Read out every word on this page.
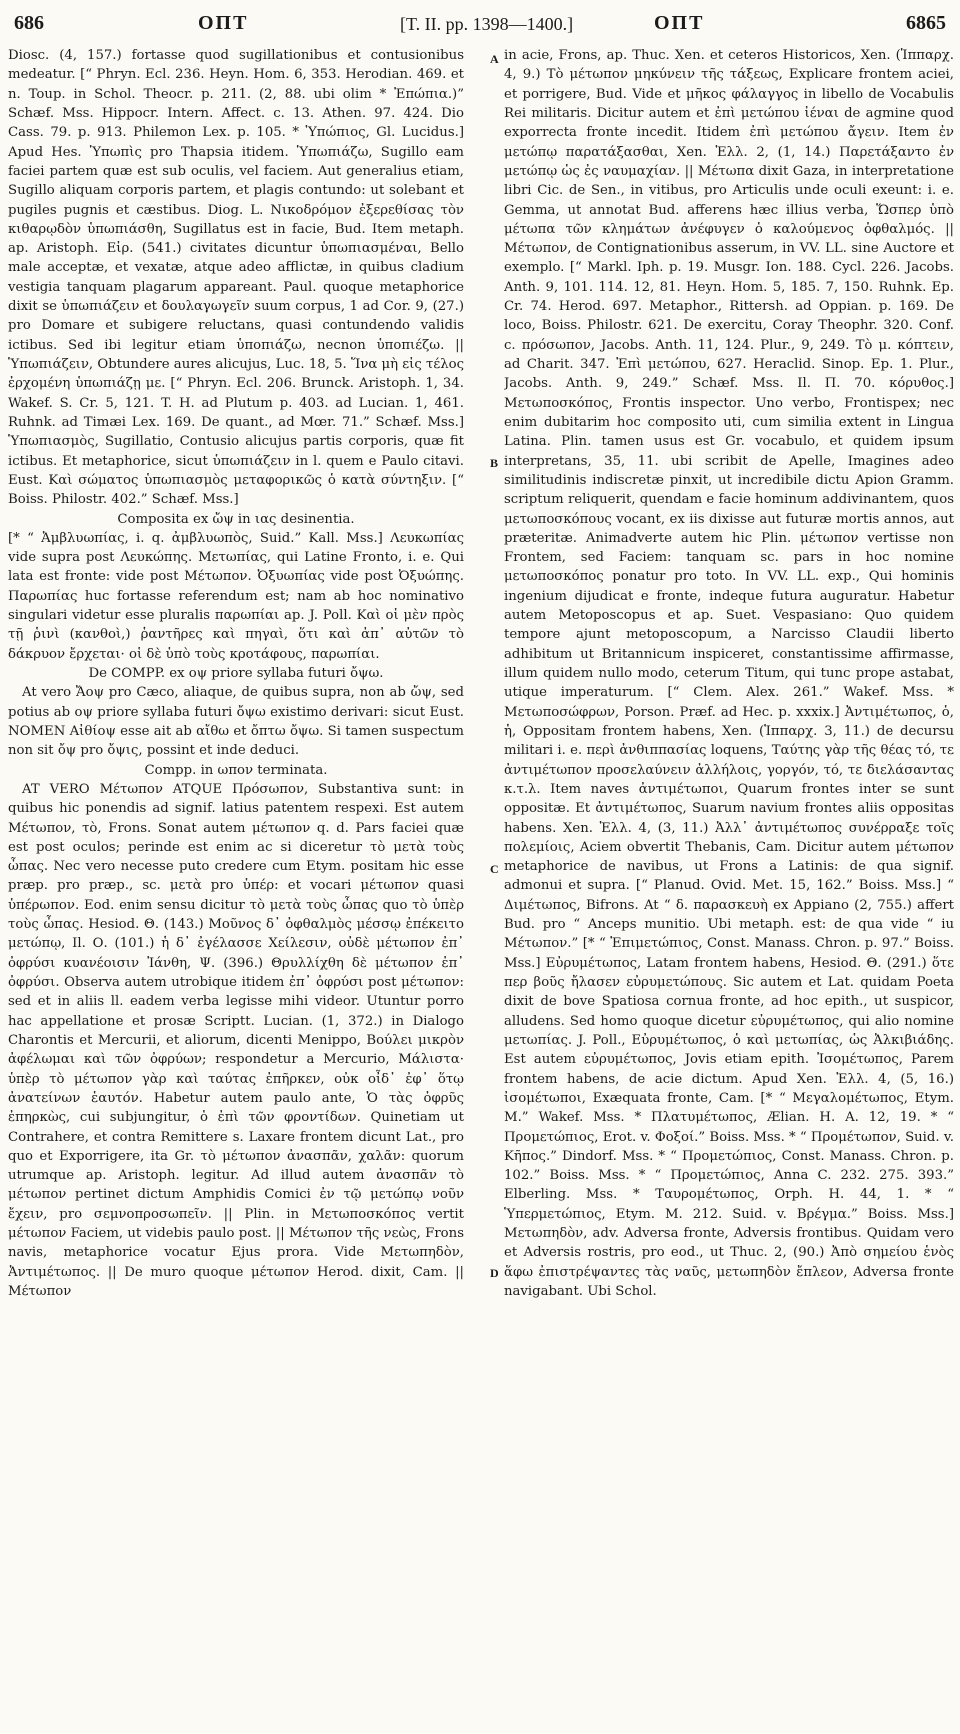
686	ΟΠΤ	[T. II. pp. 1398—1400.]	ΟΠΤ	6865
A
B
C
D

Diosc. (4, 157.) fortasse quod sugillationibus et contusionibus medeatur. [“ Phryn. Ecl. 236. Heyn. Hom. 6, 353. Herodian. 469. et n. Toup. in Schol. Theocr. p. 211. (2, 88. ubi olim * Ἐπώπια.)” Schæf. Mss. Hippocr. Intern. Affect. c. 13. Athen. 97. 424. Dio Cass. 79. p. 913. Philemon Lex. p. 105. * Ὑπώπιος, Gl. Lucidus.] Apud Hes. Ὑπωπὶς pro Thapsia itidem. Ὑπωπιάζω, Sugillo eam faciei partem quæ est sub oculis, vel faciem. Aut generalius etiam, Sugillo aliquam corporis partem, et plagis contundo: ut solebant et pugiles pugnis et cæstibus. Diog. L. Νικοδρόμον ἐξερεθίσας τὸν κιθαρῳδὸν ὑπωπιάσθη, Sugillatus est in facie, Bud. Item metaph. ap. Aristoph. Εἰρ. (541.) civitates dicuntur ὑπωπιασμέναι, Bello male acceptæ, et vexatæ, atque adeo afflictæ, in quibus cladium vestigia tanquam plagarum appareant. Paul. quoque metaphorice dixit se ὑπωπιάζειν et δουλαγωγεῖν suum corpus, 1 ad Cor. 9, (27.) pro Domare et subigere reluctans, quasi contundendo validis ictibus. Sed ibi legitur etiam ὑποπιάζω, necnon ὑποπιέζω. || Ὑπωπιάζειν, Obtundere aures alicujus, Luc. 18, 5. Ἵνα μὴ εἰς τέλος ἐρχομένη ὑπωπιάζῃ με. [“ Phryn. Ecl. 206. Brunck. Aristoph. 1, 34. Wakef. S. Cr. 5, 121. T. H. ad Plutum p. 403. ad Lucian. 1, 461. Ruhnk. ad Timæi Lex. 169. De quant., ad Mœr. 71.” Schæf. Mss.] Ὑπωπιασμὸς, Sugillatio, Contusio alicujus partis corporis, quæ fit ictibus. Et metaphorice, sicut ὑπωπιάζειν in l. quem e Paulo citavi. Eust. Καὶ σώματος ὑπωπιασμὸς μεταφορικῶς ὁ κατὰ σύντηξιν. [“ Boiss. Philostr. 402.” Schæf. Mss.]

Composita ex ὤψ in ιας desinentia.

[* “ Ἀμβλυωπίας, i. q. ἀμβλυωπὸς, Suid.” Kall. Mss.] Λευκωπίας vide supra post Λευκώπης. Μετωπίας, qui Latine Fronto, i. e. Qui lata est fronte: vide post Μέτωπον. Ὀξυωπίας vide post Ὀξυώπης. Παρωπίας huc fortasse referendum est; nam ab hoc nominativo singulari videtur esse pluralis παρωπίαι ap. J. Poll. Καὶ οἱ μὲν πρὸς τῇ ῥινὶ (κανθοὶ,) ῥαντῆρες καὶ πηγαὶ, ὅτι καὶ ἀπ᾽ αὐτῶν τὸ δάκρυον ἔρχεται· οἱ δὲ ὑπὸ τοὺς κροτάφους, παρωπίαι.

De COMPP. ex οψ priore syllaba futuri ὄψω.

At vero Ἄοψ pro Cæco, aliaque, de quibus supra, non ab ὤψ, sed potius ab οψ priore syllaba futuri ὄψω existimo derivari: sicut Eust. NOMEN Αἰθίοψ esse ait ab αἴθω et ὄπτω ὄψω. Si tamen suspectum non sit ὄψ pro ὄψις, possint et inde deduci.

Compp. in ωπον terminata.

AT VERO Μέτωπον ATQUE Πρόσωπον, Substantiva sunt: in quibus hic ponendis ad signif. latius patentem respexi. Est autem Μέτωπον, τὸ, Frons. Sonat autem μέτωπον q. d. Pars faciei quæ est post oculos; perinde est enim ac si diceretur τὸ μετὰ τοὺς ὦπας. Nec vero necesse puto credere cum Etym. positam hic esse præp. pro præp., sc. μετὰ pro ὑπέρ: et vocari μέτωπον quasi ὑπέρωπον. Eod. enim sensu dicitur τὸ μετὰ τοὺς ὦπας quo τὸ ὑπὲρ τοὺς ὦπας. Hesiod. Θ. (143.) Μοῦνος δ᾽ ὀφθαλμὸς μέσσῳ ἐπέκειτο μετώπῳ, Il. Ο. (101.) ἡ δ᾽ ἐγέλασσε Χείλεσιν, οὐδὲ μέτωπον ἐπ᾽ ὀφρύσι κυανέοισιν Ἰάνθη, Ψ. (396.) Θρυλλίχθη δὲ μέτωπον ἐπ᾽ ὀφρύσι. Observa autem utrobique itidem ἐπ᾽ ὀφρύσι post μέτωπον: sed et in aliis ll. eadem verba legisse mihi videor. Utuntur porro hac appellatione et prosæ Scriptt. Lucian. (1, 372.) in Dialogo Charontis et Mercurii, et aliorum, dicenti Menippo, Βούλει μικρὸν ἀφέλωμαι καὶ τῶν ὀφρύων; respondetur a Mercurio, Μάλιστα· ὑπὲρ τὸ μέτωπον γὰρ καὶ ταύτας ἐπῆρκεν, οὐκ οἶδ᾽ ἐφ᾽ ὅτῳ ἀνατείνων ἑαυτόν. Habetur autem paulo ante, Ὁ τὰς ὀφρῦς ἐπηρκὼς, cui subjungitur, ὁ ἐπὶ τῶν φροντίδων. Quinetiam ut Contrahere, et contra Remittere s. Laxare frontem dicunt Lat., pro quo et Exporrigere, ita Gr. τὸ μέτωπον ἀνασπᾶν, χαλᾶν: quorum utrumque ap. Aristoph. legitur. Ad illud autem ἀνασπᾶν τὸ μέτωπον pertinet dictum Amphidis Comici ἐν τῷ μετώπῳ νοῦν ἔχειν, pro σεμνοπροσωπεῖν. || Plin. in Μετωποσκόπος vertit μέτωπον Faciem, ut videbis paulo post. || Μέτωπον τῆς νεὼς, Frons navis, metaphorice vocatur Ejus prora. Vide Μετωπηδὸν, Ἀντιμέτωπος. || De muro quoque μέτωπον Herod. dixit, Cam. || Μέτωπον

in acie, Frons, ap. Thuc. Xen. et ceteros Historicos, Xen. (Ἱππαρχ. 4, 9.) Τὸ μέτωπον μηκύνειν τῆς τάξεως, Explicare frontem aciei, et porrigere, Bud. Vide et μῆκος φάλαγγος in libello de Vocabulis Rei militaris. Dicitur autem et ἐπὶ μετώπου ἰέναι de agmine quod exporrecta fronte incedit. Itidem ἐπὶ μετώπου ἄγειν. Item ἐν μετώπῳ παρατάξασθαι, Xen. Ἑλλ. 2, (1, 14.) Παρετάξαντο ἐν μετώπῳ ὡς ἐς ναυμαχίαν. || Μέτωπα dixit Gaza, in interpretatione libri Cic. de Sen., in vitibus, pro Articulis unde oculi exeunt: i. e. Gemma, ut annotat Bud. afferens hæc illius verba, Ὥσπερ ὑπὸ μέτωπα τῶν κλημάτων ἀνέφυγεν ὁ καλούμενος ὀφθαλμός. || Μέτωπον, de Contignationibus asserum, in VV. LL. sine Auctore et exemplo. [“ Markl. Iph. p. 19. Musgr. Ion. 188. Cycl. 226. Jacobs. Anth. 9, 101. 114. 12, 81. Heyn. Hom. 5, 185. 7, 150. Ruhnk. Ep. Cr. 74. Herod. 697. Metaphor., Rittersh. ad Oppian. p. 169. De loco, Boiss. Philostr. 621. De exercitu, Coray Theophr. 320. Conf. c. πρόσωπον, Jacobs. Anth. 11, 124. Plur., 9, 249. Τὸ μ. κόπτειν, ad Charit. 347. Ἐπὶ μετώπου, 627. Heraclid. Sinop. Ep. 1. Plur., Jacobs. Anth. 9, 249.” Schæf. Mss. Il. Π. 70. κόρυθος.] Μετωποσκόπος, Frontis inspector. Uno verbo, Frontispex; nec enim dubitarim hoc composito uti, cum similia extent in Lingua Latina. Plin. tamen usus est Gr. vocabulo, et quidem ipsum interpretans, 35, 11. ubi scribit de Apelle, Imagines adeo similitudinis indiscretæ pinxit, ut incredibile dictu Apion Gramm. scriptum reliquerit, quendam e facie hominum addivinantem, quos μετωποσκόπους vocant, ex iis dixisse aut futuræ mortis annos, aut præteritæ. Animadverte autem hic Plin. μέτωπον vertisse non Frontem, sed Faciem: tanquam sc. pars in hoc nomine μετωποσκόπος ponatur pro toto. In VV. LL. exp., Qui hominis ingenium dijudicat e fronte, indeque futura auguratur. Habetur autem Metoposcopus et ap. Suet. Vespasiano: Quo quidem tempore ajunt metoposcopum, a Narcisso Claudii liberto adhibitum ut Britannicum inspiceret, constantissime affirmasse, illum quidem nullo modo, ceterum Titum, qui tunc prope astabat, utique imperaturum. [“ Clem. Alex. 261.” Wakef. Mss. * Μετωποσώφρων, Porson. Præf. ad Hec. p. xxxix.] Ἀντιμέτωπος, ὁ, ἡ, Oppositam frontem habens, Xen. (Ἱππαρχ. 3, 11.) de decursu militari i. e. περὶ ἀνθιππασίας loquens, Ταύτης γὰρ τῆς θέας τό, τε ἀντιμέτωπον προσελαύνειν ἀλλήλοις, γοργόν, τό, τε διελάσαντας κ.τ.λ. Item naves ἀντιμέτωποι, Quarum frontes inter se sunt oppositæ. Et ἀντιμέτωπος, Suarum navium frontes aliis oppositas habens. Xen. Ἑλλ. 4, (3, 11.) Ἀλλ᾽ ἀντιμέτωπος συνέρραξε τοῖς πολεμίοις, Aciem obvertit Thebanis, Cam. Dicitur autem μέτωπον metaphorice de navibus, ut Frons a Latinis: de qua signif. admonui et supra. [“ Planud. Ovid. Met. 15, 162.” Boiss. Mss.] “ Διμέτωπος, Bifrons. At “ δ. παρασκευὴ ex Appiano (2, 755.) affert Bud. pro “ Anceps munitio. Ubi metaph. est: de qua vide “ iu Μέτωπον.” [* “ Ἐπιμετώπιος, Const. Manass. Chron. p. 97.” Boiss. Mss.] Εὐρυμέτωπος, Latam frontem habens, Hesiod. Θ. (291.) ὅτε περ βοῦς ἤλασεν εὐρυμετώπους. Sic autem et Lat. quidam Poeta dixit de bove Spatiosa cornua fronte, ad hoc epith., ut suspicor, alludens. Sed homo quoque dicetur εὐρυμέτωπος, qui alio nomine μετωπίας. J. Poll., Εὐρυμέτωπος, ὁ καὶ μετωπίας, ὡς Ἀλκιβιάδης. Est autem εὐρυμέτωπος, Jovis etiam epith. Ἰσομέτωπος, Parem frontem habens, de acie dictum. Apud Xen. Ἑλλ. 4, (5, 16.) ἰσομέτωποι, Exæquata fronte, Cam. [* “ Μεγαλομέτωπος, Etym. M.” Wakef. Mss. * Πλατυμέτωπος, Ælian. H. A. 12, 19. * “ Προμετώπιος, Erot. v. Φοξοί.” Boiss. Mss. * “ Προμέτωπον, Suid. v. Κῆπος.” Dindorf. Mss. * “ Προμετώπιος, Const. Manass. Chron. p. 102.” Boiss. Mss. * “ Προμετώπιος, Anna C. 232. 275. 393.” Elberling. Mss. * Ταυρομέτωπος, Orph. H. 44, 1. * “ Ὑπερμετώπιος, Etym. M. 212. Suid. v. Βρέγμα.” Boiss. Mss.] Μετωπηδὸν, adv. Adversa fronte, Adversis frontibus. Quidam vero et Adversis rostris, pro eod., ut Thuc. 2, (90.) Ἀπὸ σημείου ἑνὸς ἅφω ἐπιστρέψαντες τὰς ναῦς, μετωπηδὸν ἔπλεον, Adversa fronte navigabant. Ubi Schol.
